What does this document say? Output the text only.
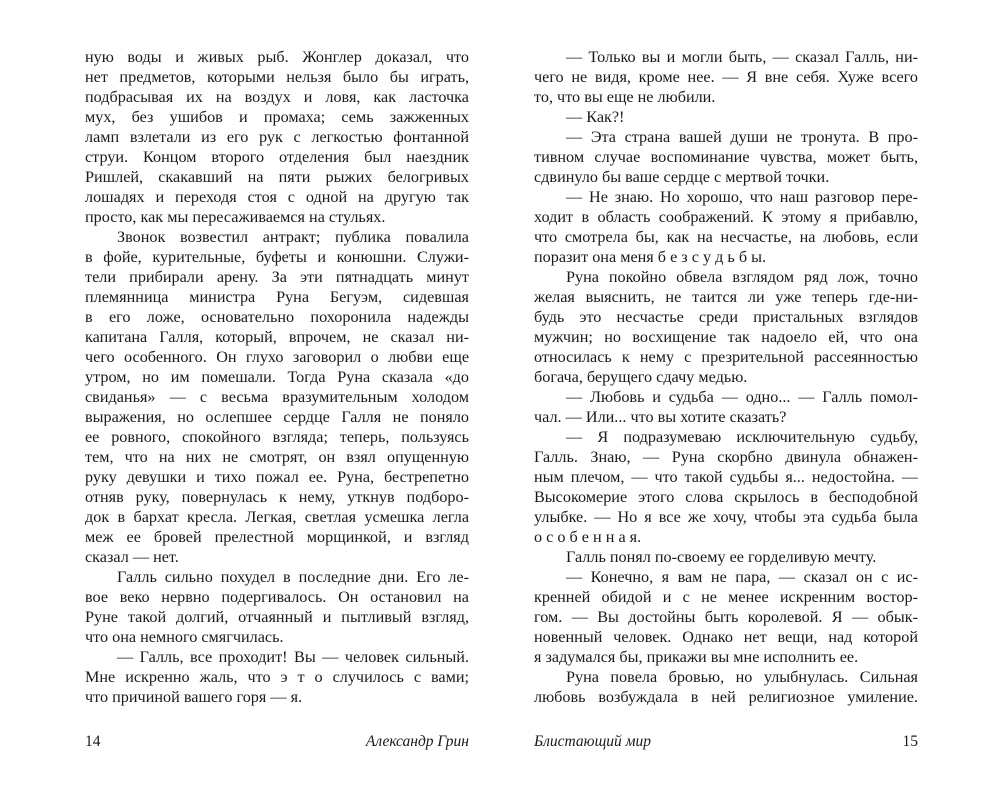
ную воды и живых рыб. Жонглер доказал, что
нет предметов, которыми нельзя было бы играть,
подбрасывая их на воздух и ловя, как ласточка
мух, без ушибов и промаха; семь зажженных
ламп взлетали из его рук с легкостью фонтанной
струи. Концом второго отделения был наездник
Ришлей, скакавший на пяти рыжих белогривых
лошадях и переходя стоя с одной на другую так
просто, как мы пересаживаемся на стульях.
Звонок возвестил антракт; публика повалила
в фойе, курительные, буфеты и конюшни. Служи-
тели прибирали арену. За эти пятнадцать минут
племянница министра Руна Бегуэм, сидевшая
в его ложе, основательно похоронила надежды
капитана Галля, который, впрочем, не сказал ни-
чего особенного. Он глухо заговорил о любви еще
утром, но им помешали. Тогда Руна сказала «до
свиданья» — с весьма вразумительным холодом
выражения, но ослепшее сердце Галля не поняло
ее ровного, спокойного взгляда; теперь, пользуясь
тем, что на них не смотрят, он взял опущенную
руку девушки и тихо пожал ее. Руна, бестрепетно
отняв руку, повернулась к нему, уткнув подборо-
док в бархат кресла. Легкая, светлая усмешка легла
меж ее бровей прелестной морщинкой, и взгляд
сказал — нет.
Галль сильно похудел в последние дни. Его ле-
вое веко нервно подергивалось. Он остановил на
Руне такой долгий, отчаянный и пытливый взгляд,
что она немного смягчилась.
— Галль, все проходит! Вы — человек сильный.
Мне искренно жаль, что э т о случилось с вами;
что причиной вашего горя — я.
— Только вы и могли быть, — сказал Галль, ни-
чего не видя, кроме нее. — Я вне себя. Хуже всего
то, что вы еще не любили.
— Как?!
— Эта страна вашей души не тронута. В про-
тивном случае воспоминание чувства, может быть,
сдвинуло бы ваше сердце с мертвой точки.
— Не знаю. Но хорошо, что наш разговор пере-
ходит в область соображений. К этому я прибавлю,
что смотрела бы, как на несчастье, на любовь, если
поразит она меня б е з с у д ь б ы.
Руна покойно обвела взглядом ряд лож, точно
желая выяснить, не таится ли уже теперь где-ни-
будь это несчастье среди пристальных взглядов
мужчин; но восхищение так надоело ей, что она
относилась к нему с презрительной рассеянностью
богача, берущего сдачу медью.
— Любовь и судьба — одно... — Галль помол-
чал. — Или... что вы хотите сказать?
— Я подразумеваю исключительную судьбу,
Галль. Знаю, — Руна скорбно двинула обнажен-
ным плечом, — что такой судьбы я... недостойна. —
Высокомерие этого слова скрылось в бесподобной
улыбке. — Но я все же хочу, чтобы эта судьба была
о с о б е н н а я.
Галль понял по-своему ее горделивую мечту.
— Конечно, я вам не пара, — сказал он с ис-
кренней обидой и с не менее искренним востор-
гом. — Вы достойны быть королевой. Я — обык-
новенный человек. Однако нет вещи, над которой
я задумался бы, прикажи вы мне исполнить ее.
Руна повела бровью, но улыбнулась. Сильная
любовь возбуждала в ней религиозное умиление.
14	Александр Грин	Блистающий мир	15
